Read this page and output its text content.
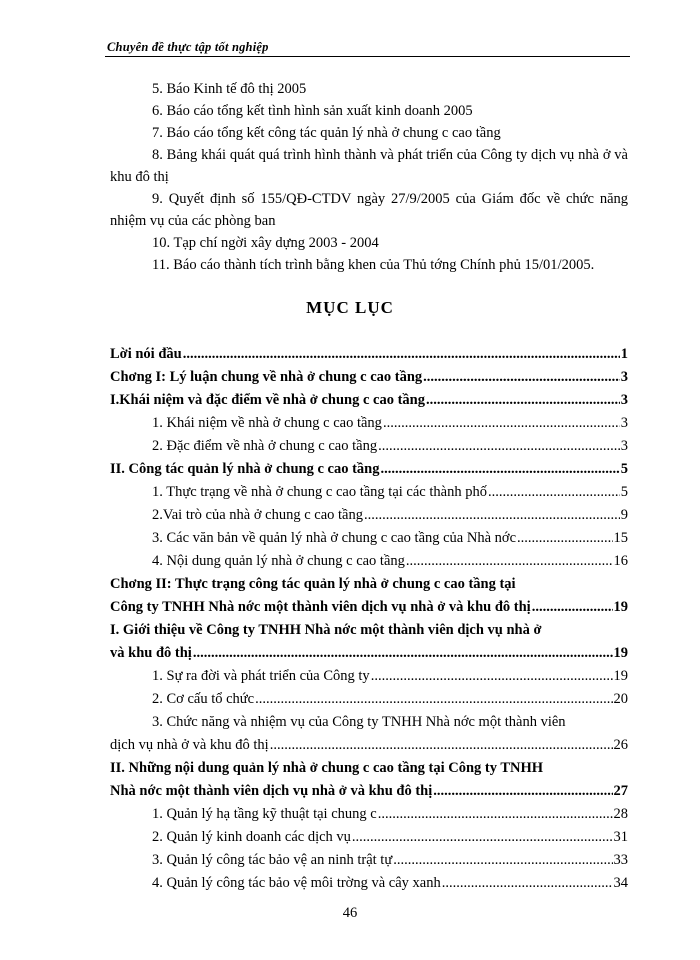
Chuyên đề thực tập tốt nghiệp
5. Báo Kinh tế đô thị 2005
6. Báo cáo tổng kết tình hình sản xuất kinh doanh 2005
7. Báo cáo tổng kết công tác quản lý nhà ở chung c cao tầng
8. Bảng khái quát quá trình hình thành và phát triển của Công ty dịch vụ nhà ở và khu đô thị
9. Quyết định số 155/QĐ-CTDV ngày 27/9/2005 của Giám đốc về chức năng nhiệm vụ của các phòng ban
10. Tạp chí ngời xây dựng 2003 - 2004
11. Báo cáo thành tích trình bằng khen của Thủ tớng Chính phủ 15/01/2005.
MỤC LỤC
Lời nói đầu .....	1
Chơng I: Lý luận chung về nhà ở chung c cao tầng .....	3
I.Khái niệm và đặc điểm về nhà ở chung c cao tầng .....	3
1. Khái niệm về nhà ở chung c cao tầng .....	3
2. Đặc điểm về nhà ở chung c cao tầng .....	3
II. Công tác quản lý nhà ở chung c cao tầng .....	5
1. Thực trạng về nhà ở chung c cao tầng tại các thành phố .....	5
2.Vai trò của nhà ở chung c cao tầng .....	9
3. Các văn bản về quản lý nhà ở chung c cao tầng của Nhà nớc .....	15
4. Nội dung quản lý nhà ở chung c cao tầng .....	16
Chơng II: Thực trạng công tác quản lý nhà ở chung c cao tầng tại
Công ty TNHH Nhà nớc một thành viên dịch vụ nhà ở và khu đô thị .....	19
I. Giới thiệu về Công ty TNHH Nhà nớc một thành viên dịch vụ nhà ở
và khu đô thị .....	19
1. Sự ra đời và phát triển của Công ty .....	19
2. Cơ cấu tổ chức .....	20
3. Chức năng và nhiệm vụ của Công ty TNHH Nhà nớc một thành viên
dịch vụ nhà ở và khu đô thị .....	26
II. Những nội dung quản lý nhà ở chung c cao tầng tại Công ty TNHH
Nhà nớc một thành viên dịch vụ nhà ở và khu đô thị .....	27
1. Quản lý hạ tầng kỹ thuật tại chung c .....	28
2. Quản lý kinh doanh các dịch vụ .....	31
3. Quản lý công tác bảo vệ an ninh trật tự .....	33
4. Quản lý công tác bảo vệ môi trờng và cây xanh .....	34
46
